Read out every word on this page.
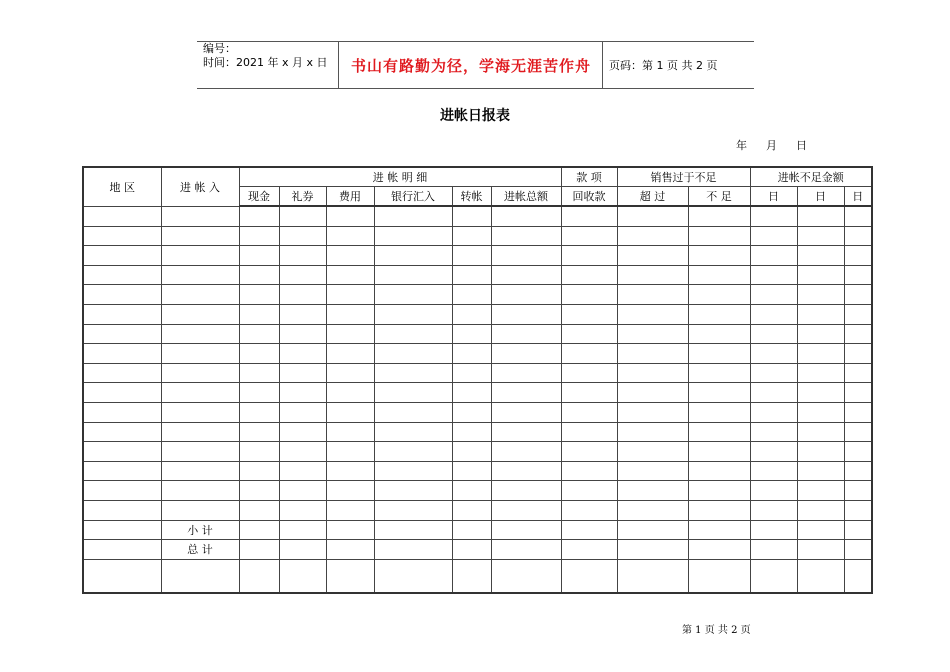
编号：
时间：2021 年 x 月 x 日	书山有路勤为径，学海无涯苦作舟	页码：第 1 页 共 2 页
进帐日报表
年 月 日
地 区	进 帐 入	进 帐 明 细						款 项	销售过于不足		进帐不足金额		
		现金	礼券	费用	银行汇入	转帐	进帐总额	回收款	超 过	不 足	日	日	日

	小 计												
	总 计												

第 1 页 共 2 页
